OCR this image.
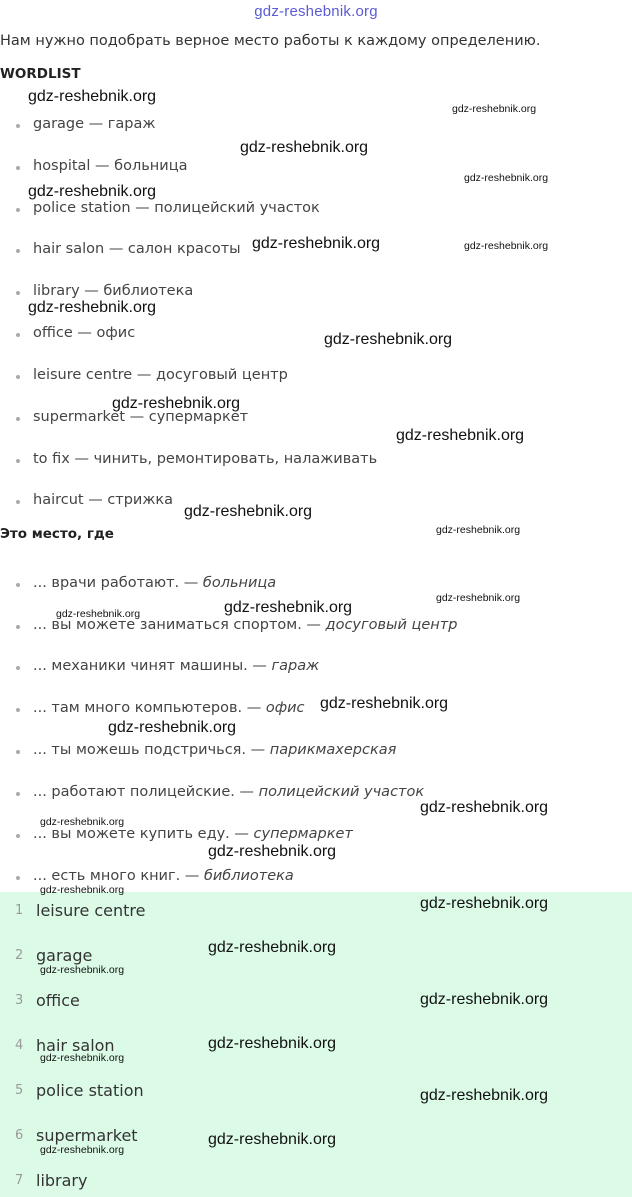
gdz-reshebnik.org
Нам нужно подобрать верное место работы к каждому определению.
WORDLIST
garage — гараж
hospital — больница
police station — полицейский участок
hair salon — салон красоты
library — библиотека
office — офис
leisure centre — досуговый центр
supermarket — супермаркет
to fix — чинить, ремонтировать, налаживать
haircut — стрижка
Это место, где
... врачи работают. — больница
... вы можете заниматься спортом. — досуговый центр
... механики чинят машины. — гараж
... там много компьютеров. — офис
... ты можешь подстричься. — парикмахерская
... работают полицейские. — полицейский участок
... вы можете купить еду. — супермаркет
... есть много книг. — библиотека
1 leisure centre
2 garage
3 office
4 hair salon
5 police station
6 supermarket
7 library
gdz-reshebnik.org
gdz-reshebnik.org
gdz-reshebnik.org
gdz-reshebnik.org
gdz-reshebnik.org
gdz-reshebnik.org	gdz-reshebnik.org
gdz-reshebnik.org
gdz-reshebnik.org
gdz-reshebnik.org
gdz-reshebnik.org
gdz-reshebnik.org
gdz-reshebnik.org
gdz-reshebnik.org
gdz-reshebnik.org
gdz-reshebnik.org
gdz-reshebnik.org
gdz-reshebnik.org
gdz-reshebnik.org
gdz-reshebnik.org
gdz-reshebnik.org
gdz-reshebnik.org
gdz-reshebnik.org
gdz-reshebnik.org
gdz-reshebnik.org
gdz-reshebnik.org
gdz-reshebnik.org
gdz-reshebnik.org
gdz-reshebnik.org
gdz-reshebnik.org
gdz-reshebnik.org
